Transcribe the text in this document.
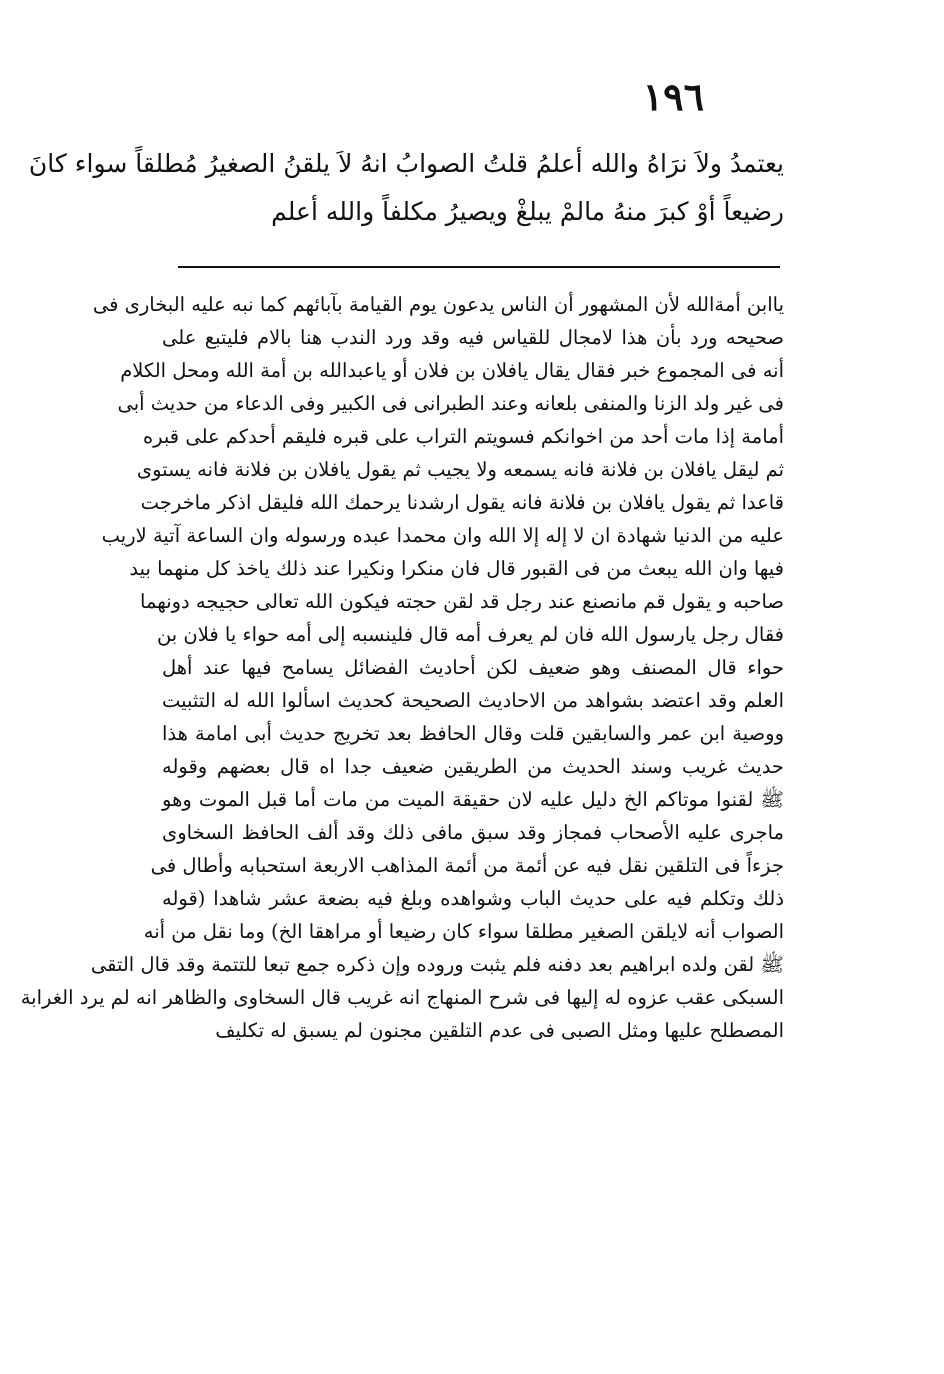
١٩٦
يعتمدُ ولاَ نرَاهُ والله أعلمُ قلتُ الصوابُ انهُ لاَ يلقنُ الصغيرُ مُطلقاً سواء كانَ
رضيعاً أوْ كبرَ منهُ مالمْ يبلغْ ويصيرُ مكلفاً والله أعلم
ياابن أمةالله لأن المشهور أن الناس يدعون يوم القيامة بآبائهم كما نبه عليه البخارى فى
صحيحه ورد بأن هذا لامجال للقياس فيه وقد ورد الندب هنا بالام فليتبع على
أنه فى المجموع خبر فقال يقال يافلان بن فلان أو ياعبدالله بن أمة الله ومحل الكلام
فى غير ولد الزنا والمنفى بلعانه وعند الطبرانى فى الكبير وفى الدعاء من حديث أبى
أمامة إذا مات أحد من اخوانكم فسويتم التراب على قبره فليقم أحدكم على قبره
ثم ليقل يافلان بن فلانة فانه يسمعه ولا يجيب ثم يقول يافلان بن فلانة فانه يستوى
قاعدا ثم يقول يافلان بن فلانة فانه يقول ارشدنا يرحمك الله فليقل اذكر ماخرجت
عليه من الدنيا شهادة ان لا إله إلا الله وان محمدا عبده ورسوله وان الساعة آتية لاريب
فيها وان الله يبعث من فى القبور قال فان منكرا ونكيرا عند ذلك ياخذ كل منهما بيد
صاحبه و يقول قم مانصنع عند رجل قد لقن حجته فيكون الله تعالى حجيجه دونهما
فقال رجل يارسول الله فان لم يعرف أمه قال فلينسبه إلى أمه حواء يا فلان بن
حواء قال المصنف وهو ضعيف لكن أحاديث الفضائل يسامح فيها عند أهل
العلم وقد اعتضد بشواهد من الاحاديث الصحيحة كحديث اسألوا الله له التثبيت
ووصية ابن عمر والسابقين قلت وقال الحافظ بعد تخريج حديث أبى امامة هذا
حديث غريب وسند الحديث من الطريقين ضعيف جدا اه قال بعضهم وقوله
ﷺ لقنوا موتاكم الخ دليل عليه لان حقيقة الميت من مات أما قبل الموت وهو
ماجرى عليه الأصحاب فمجاز وقد سبق مافى ذلك وقد ألف الحافظ السخاوى
جزءاً فى التلقين نقل فيه عن أئمة من أئمة المذاهب الاربعة استحبابه وأطال فى
ذلك وتكلم فيه على حديث الباب وشواهده وبلغ فيه بضعة عشر شاهدا (قوله
الصواب أنه لايلقن الصغير مطلقا سواء كان رضيعا أو مراهقا الخ) وما نقل من أنه
ﷺ لقن ولده ابراهيم بعد دفنه فلم يثبت وروده وإن ذكره جمع تبعا للتتمة وقد قال التقى
السبكى عقب عزوه له إليها فى شرح المنهاج انه غريب قال السخاوى والظاهر انه لم يرد الغرابة
المصطلح عليها ومثل الصبى فى عدم التلقين مجنون لم يسبق له تكليف
